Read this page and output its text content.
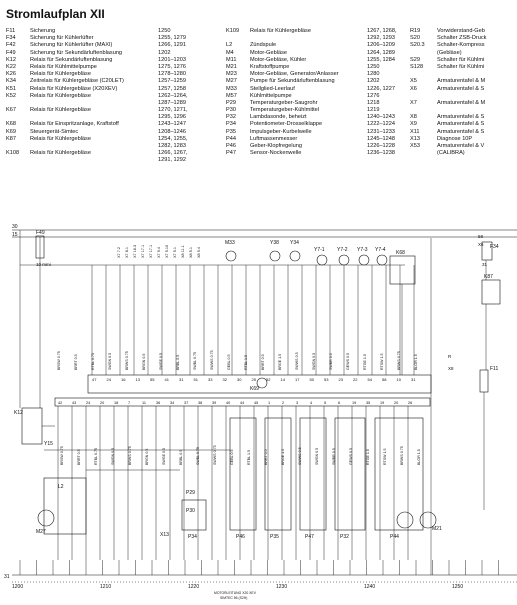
Stromlaufplan XII
F11	Sicherung	1250
F34	Sicherung für Kühlerlüfter	1255, 1279
F42	Sicherung für Kühlerlüfter (MAXI)	1266, 1291
F49	Sicherung für Sekundärluftenblasung	1202
K12	Relais für Sekundärluftenblasung	1201–1203
K22	Relais für Kühlmittelpumpe	1275, 1276
K26	Relais für Kühlergebläse	1278–1280
K34	Zeitrelais für Kühlergebläse (C20LET)	1257–1259
K51	Relais für Kühlergebläse (X20XEV)	1257, 1258
K52	Relais für Kühlergebläse	1262–1264,
1287–1289
K67	Relais für Kühlergebläse	1270, 1271,
1295, 1296
K68	Relais für Einspritzanlage, Kraftstoff	1243–1247
K69	Steuergerät-Simtec	1208–1246
K87	Relais für Kühlergebläse	1254, 1255,
1282, 1283
K108 Relais für Kühlergebläse	1266, 1267,
1291, 1292
K109 Relais für Kühlergebläse	1267, 1268,
1292, 1293
L2	Zündspule	1206–1209
M4	Motor-Gebläse	1264, 1289
M11 Motor-Gebläse, Kühler	1255, 1284
M21 Kraftstoffpumpe	1250
M23 Motor-Gebläse, Generator/Anlasser	1280
M27 Pumpe für Sekundärluftenblasung	1202
M33 Stellglied-Leerlauf	1226, 1227
M57 Kühlmittelpumpe	1276
P29	Temperaturgeber-Saugrohr	1218
P30	Temperaturgeber-Kühlmittel	1219
P32	Lambdasonde, beheizt	1240–1243
P34	Potentiometer-Drosselklappe	1222–1224
P35	Impulsgeber-Kurbelwelle	1231–1233
P44	Luftmassenmesser	1245–1248
P46	Geber-Klopfregelung	1226–1228
P47	Sensor-Nockenwelle	1236–1238
R19	Vorwiderstand-Geb
S20	Schalter ZSB-Druck
S20.3 Schalter-Kompress
(Gebläse)
S29	Schalter für Kühlmi
S128 Schalter für Kühlmi
X5	Armaturentafel & M
X6	Armaturentafel & S
X7	Armaturentafel & M
X8	Armaturentafel & S
X9	Armaturentafel & S
X11	Armaturentafel & S
X13	Diagnose 10P
X53	Armaturentafel & V
(CALIBRA)
30
15
31
10 mmi
58
X6
31
X8
R
F49
K12
Y15
M27
L2
X13
P29
P30
P34	P46	P35	P47	P32	P44
M21
K87
K68
M33	Y38 Y34
Y7-1 Y7-2 Y7-3 Y7-4
K69
F11
F34
1200	1210	1220	1230	1240	1250
MOTORLEITUNG X20 XEV
SIMTEC 56 (S2H)
X7 7.2 X7 8.1 X7 16.3 X7 17.1 X7 17.1 X7 9.4 X7 5.10 X7 5.1 X8 11.1 X8 5.1 X8 9.4
47	24	16	13	55	41	31	51	33	32	30	25	52	14	17	50	53	23	22	54	58	10	31
42	43	24	20	18	7	11	36	34	37	38	39	40	44	45	1	2	3	4	5	6	19	35	19	20	26
BRSW 0.75
BRSW 0.75
BRRT 0.5
BRRT 0.5
RTBL 0.75
RTBL 0.75
SWGN 0.5
SWGN 0.5
BRWS 0.75
BRWS 0.75
BRGN 0.5
BRGN 0.5
SWGE 0.5
SWGE 0.5
BRBL 0.5
BRBL 0.5
SWBL 0.75
SWBL 0.75
SWWS 0.75
SWWS 0.75
GEBL 0.5
GEBL 0.5
RTBL 1.5
RTBL 1.5
BRRT 0.5
BRRT 0.5
BRGE 1.5
BRGE 1.5
SWWS 0.5
SWWS 0.5
SWGN 0.5
SWGN 0.5
SWBR 0.5
SWBR 0.5
GEWS 0.5
GEWS 0.5
RTGE 1.5
RTGE 1.5
RTSW 1.5
RTSW 1.5
BRWS 0.75
BRWS 0.75
BLGR 1.5
BLGR 1.5
